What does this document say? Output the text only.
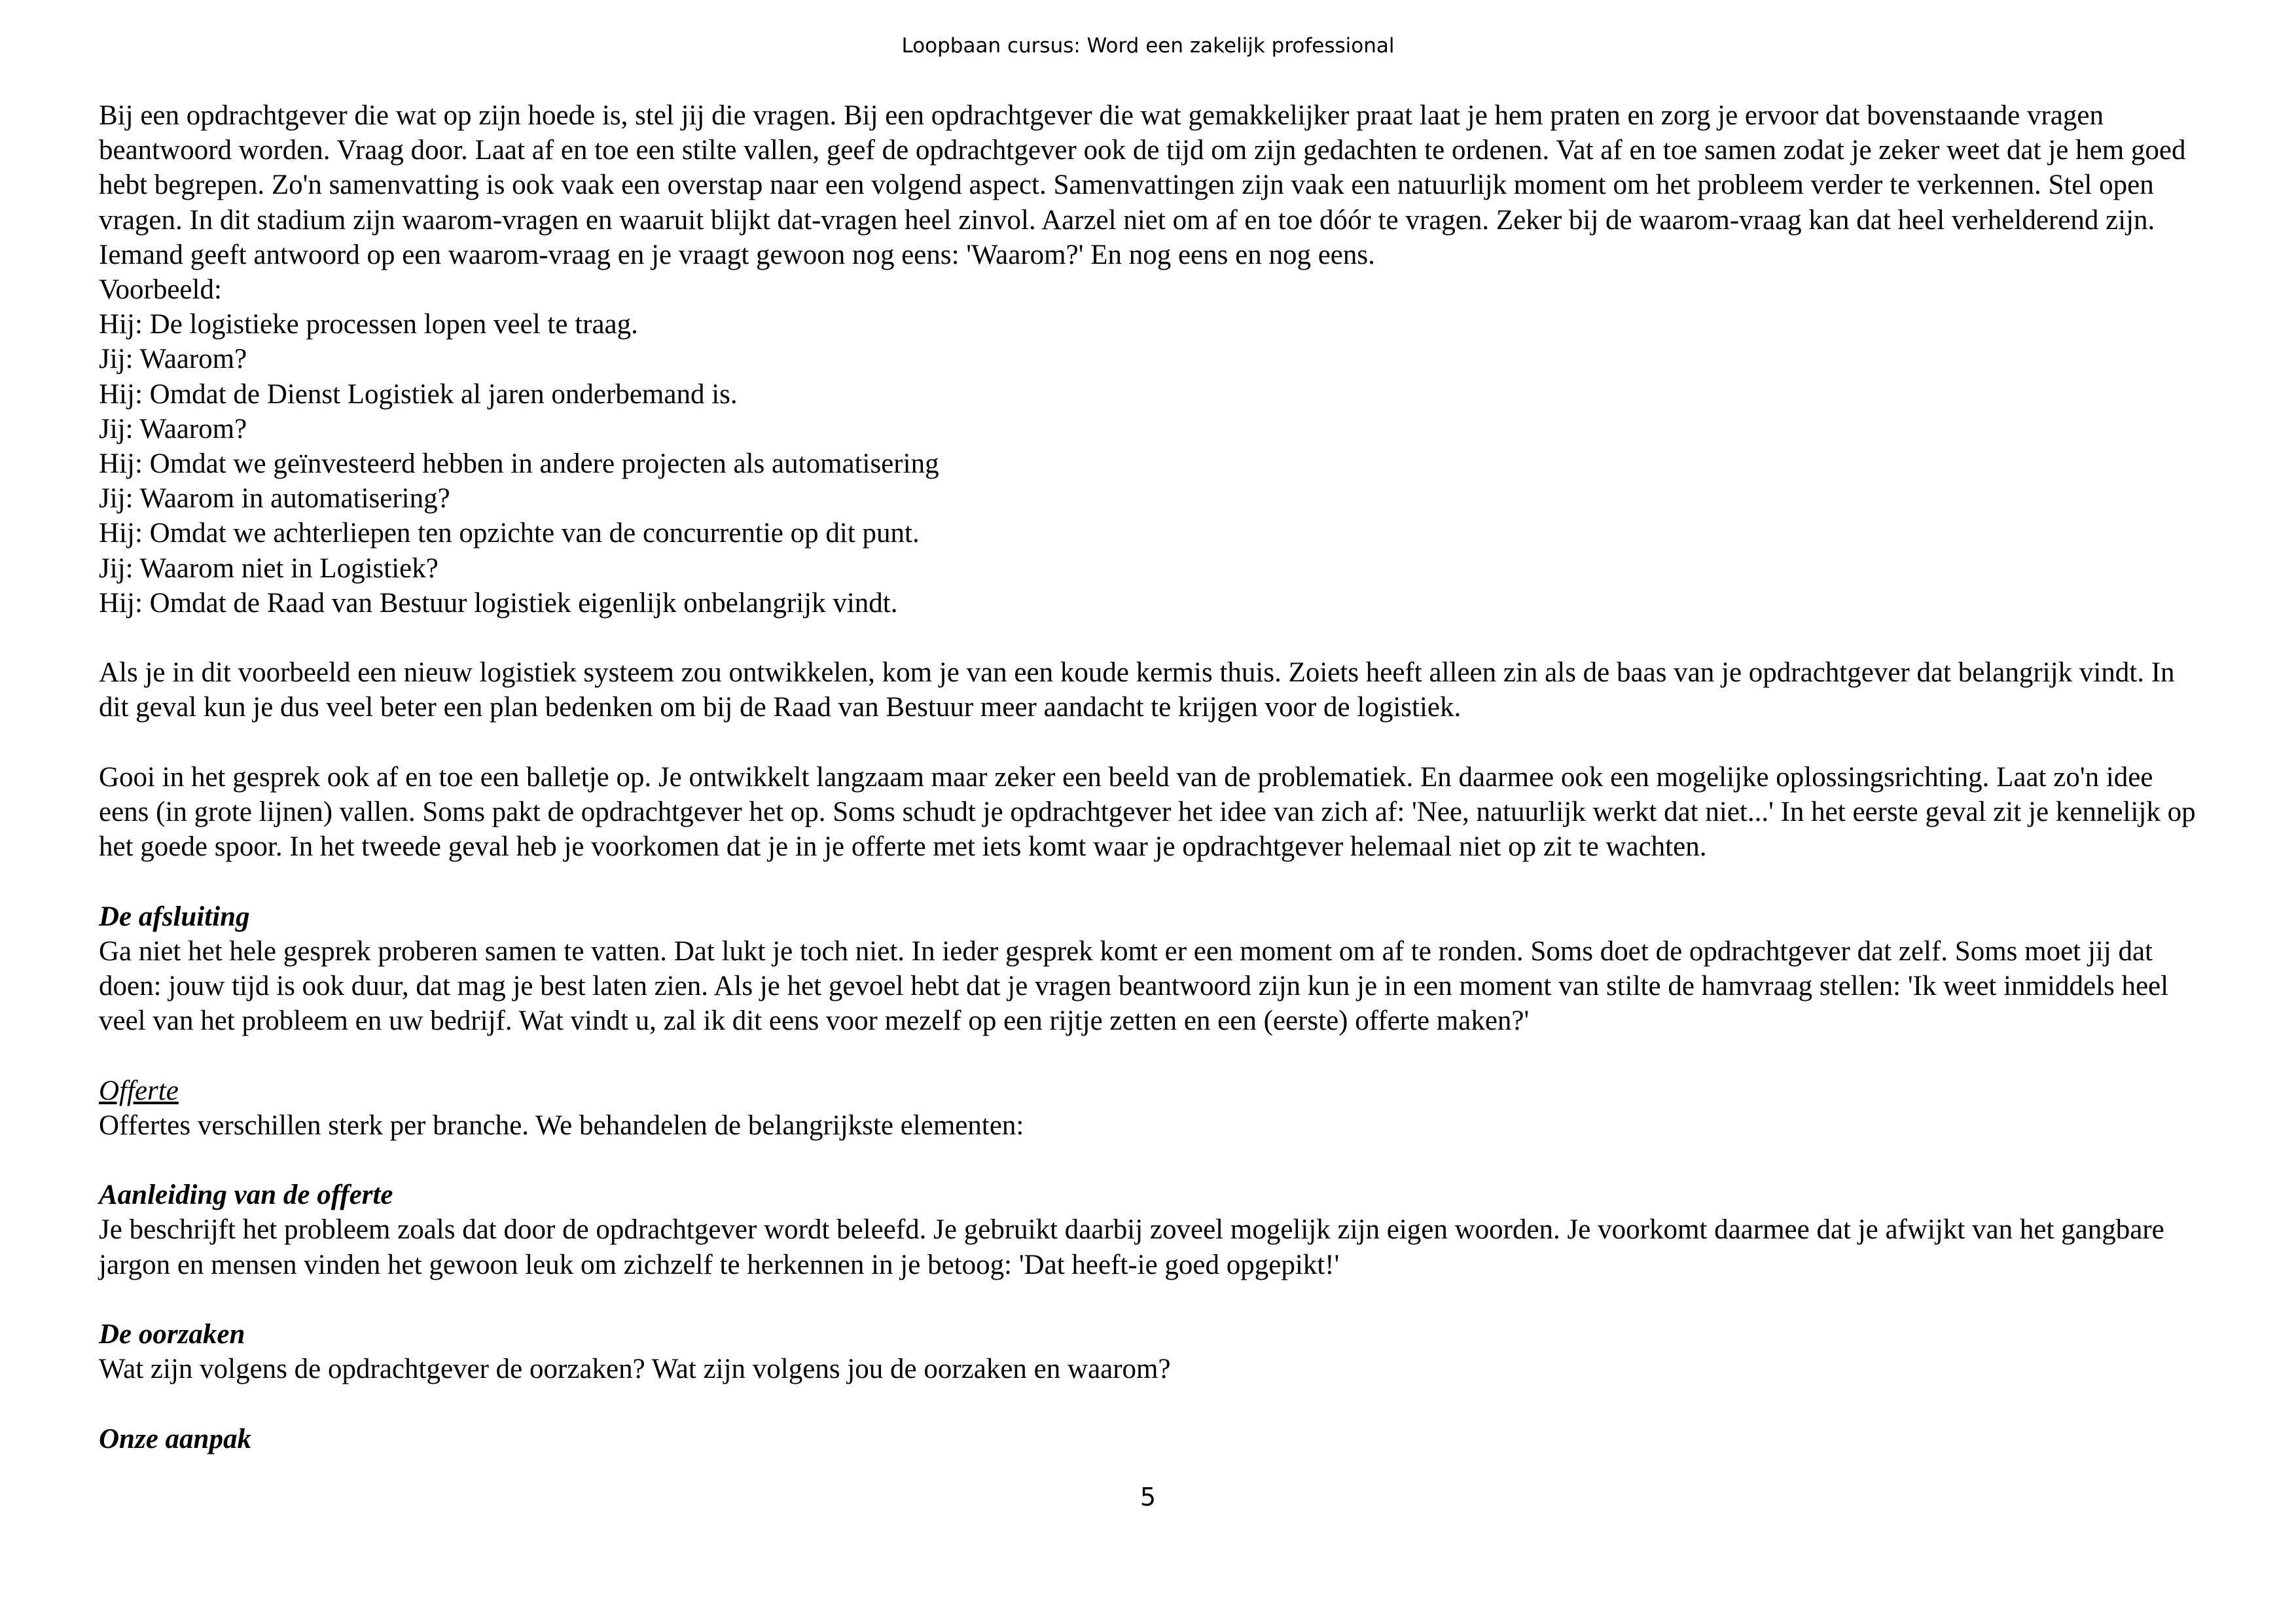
Loopbaan cursus: Word een zakelijk professional

Bij een opdrachtgever die wat op zijn hoede is, stel jij die vragen. Bij een opdrachtgever die wat gemakkelijker praat laat je hem praten en zorg je ervoor dat bovenstaande vragen beantwoord worden. Vraag door. Laat af en toe een stilte vallen, geef de opdrachtgever ook de tijd om zijn gedachten te ordenen. Vat af en toe samen zodat je zeker weet dat je hem goed hebt begrepen. Zo'n samenvatting is ook vaak een overstap naar een volgend aspect. Samenvattingen zijn vaak een natuurlijk moment om het probleem verder te verkennen. Stel open vragen. In dit stadium zijn waarom-vragen en waaruit blijkt dat-vragen heel zinvol. Aarzel niet om af en toe dóór te vragen. Zeker bij de waarom-vraag kan dat heel verhelderend zijn. Iemand geeft antwoord op een waarom-vraag en je vraagt gewoon nog eens: 'Waarom?' En nog eens en nog eens.

Voorbeeld:

Hij: De logistieke processen lopen veel te traag.

Jij: Waarom?

Hij: Omdat de Dienst Logistiek al jaren onderbemand is.

Jij: Waarom?

Hij: Omdat we geïnvesteerd hebben in andere projecten als automatisering

Jij: Waarom in automatisering?

Hij: Omdat we achterliepen ten opzichte van de concurrentie op dit punt.

Jij: Waarom niet in Logistiek?

Hij: Omdat de Raad van Bestuur logistiek eigenlijk onbelangrijk vindt.

Als je in dit voorbeeld een nieuw logistiek systeem zou ontwikkelen, kom je van een koude kermis thuis. Zoiets heeft alleen zin als de baas van je opdrachtgever dat belangrijk vindt. In dit geval kun je dus veel beter een plan bedenken om bij de Raad van Bestuur meer aandacht te krijgen voor de logistiek.

Gooi in het gesprek ook af en toe een balletje op. Je ontwikkelt langzaam maar zeker een beeld van de problematiek. En daarmee ook een mogelijke oplossingsrichting. Laat zo'n idee eens (in grote lijnen) vallen. Soms pakt de opdrachtgever het op. Soms schudt je opdrachtgever het idee van zich af: 'Nee, natuurlijk werkt dat niet...' In het eerste geval zit je kennelijk op het goede spoor. In het tweede geval heb je voorkomen dat je in je offerte met iets komt waar je opdrachtgever helemaal niet op zit te wachten.

De afsluiting

Ga niet het hele gesprek proberen samen te vatten. Dat lukt je toch niet. In ieder gesprek komt er een moment om af te ronden. Soms doet de opdrachtgever dat zelf. Soms moet jij dat doen: jouw tijd is ook duur, dat mag je best laten zien. Als je het gevoel hebt dat je vragen beantwoord zijn kun je in een moment van stilte de hamvraag stellen: 'Ik weet inmiddels heel veel van het probleem en uw bedrijf. Wat vindt u, zal ik dit eens voor mezelf op een rijtje zetten en een (eerste) offerte maken?'

Offerte

Offertes verschillen sterk per branche. We behandelen de belangrijkste elementen:

Aanleiding van de offerte

Je beschrijft het probleem zoals dat door de opdrachtgever wordt beleefd. Je gebruikt daarbij zoveel mogelijk zijn eigen woorden. Je voorkomt daarmee dat je afwijkt van het gangbare jargon en mensen vinden het gewoon leuk om zichzelf te herkennen in je betoog: 'Dat heeft-ie goed opgepikt!'

De oorzaken

Wat zijn volgens de opdrachtgever de oorzaken? Wat zijn volgens jou de oorzaken en waarom?

Onze aanpak

5
